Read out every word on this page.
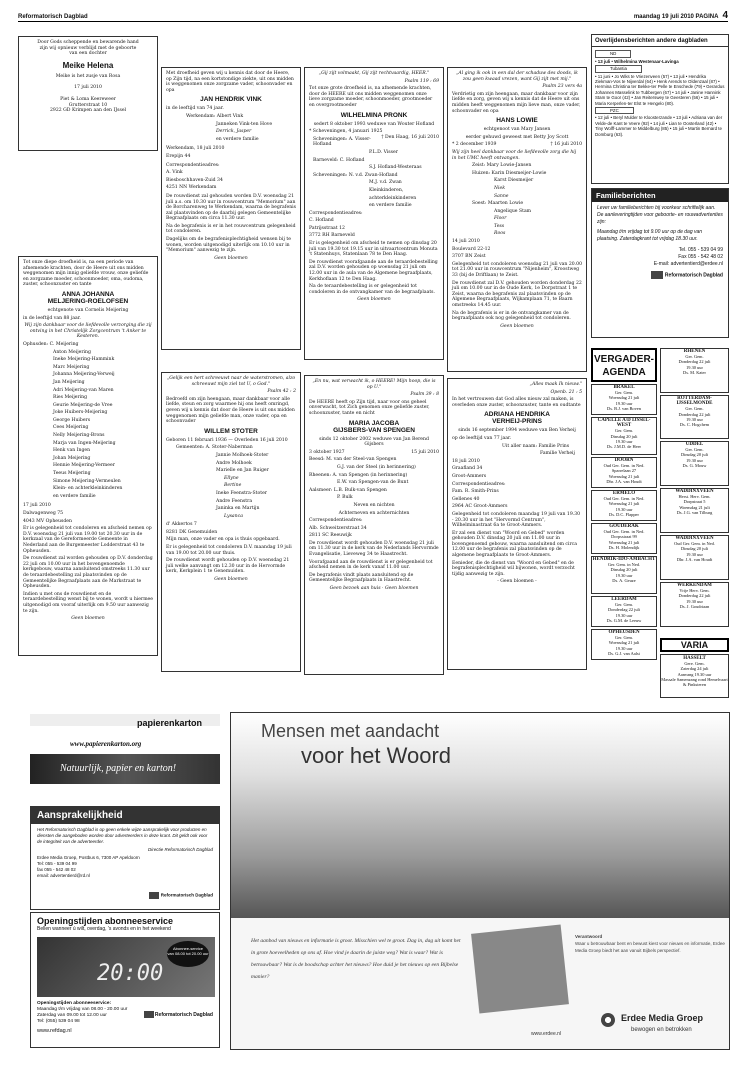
Reformatorisch Dagblad	maandag 19 juli 2010 PAGINA 4

Door Gods scheppende en bewarende hand

zijn wij opnieuw verblijd met de geboorte

van een dochter

Meike Helena

Meike is het zusje van Rosa

17 juli 2010

Piet & Loma Keereweer

Grutterstraat 10

2922 GD Krimpen aan den IJssel

Tot onze diepe droefheid is, na een periode van afnemende krachten, door de Heere uit ons midden weggenomen mijn innig geliefde vrouw, onze geliefde en zorgzame moeder, schoonmoeder, oma, oudoma, zuster, schoonzuster en tante

ANNA JOHANNA
MELJERING-ROELOFSEN

echtgenote van Cornelis Meijering

in de leeftijd van 88 jaar.

Wij zijn dankbaar voor de liefdevolle verzorging die zij ontving in het Christelijk Zorgcentrum 't Anker te Kesteren.

Ophusden: C. Meijering

Anton Meijering

Ineke Meijering-Hammink

Marc Meijering

Johanna Meijering-Verweij

Jan Meijering

Adri Meijering-van Maren

Ries Meijering

Geurie Meijering-de Vree

Joke Huibers-Meijering

George Huibers

Cees Meijering

Nelly Meijering-Brons

Marja van Ingen-Meijering

Henk van Ingen

Johan Meijering

Hennie Meijering-Vermeer

Teeus Meijering

Simone Meijering-Vermeulen

Klein- en achterkleinkinderen

en verdere familie

17 juli 2010

Dalwagenweg 75

4043 MV Opheusden

Er is gelegenheid tot condoleren en afscheid nemen op D.V. woensdag 21 juli van 19.00 tot 20.30 uur in de kerkzaal van de Gereformeerde Gemeente in Nederland aan de Burgemeester Lodderstraat 43 te Opheusden.

De rouwdienst zal worden gehouden op D.V. donderdag 22 juli om 10.00 uur in het bovengenoemde kerkgebouw, waarna aansluitend omstreeks 11.30 uur de teraardebestelling zal plaatsvinden op de Gemeentelijke Begraafplaats aan de Markstraat te Opheusden.

Indien u met ons de rouwdienst en de teraardebestelling wenst bij te wonen, wordt u hiermee uitgenodigd om vooraf uiterlijk om 9.50 uur aanwezig te zijn.

Geen bloemen

Met droefheid geven wij u kennis dat door de Heere, op Zijn tijd, na een kortstondige ziekte, uit ons midden is weggenomen onze zorgzame vader, schoonvader en opa

JAN HENDRIK VINK

in de leeftijd van 74 jaar.

Werkendam: Albert Vink

Janneken Vink-ten Hove

Derrick, Jasper

en verdere familie

Werkendam, 18 juli 2010

Erepijn 44

Correspondentieadres:

A. Vink

Biesboschhaven-Zuid 34

4251 NN Werkendam

De rouwdienst zal gehouden worden D.V. woensdag 21 juli a.s. om 10.30 uur in rouwcentrum "Memorium" aan de Borcharenweg te Werkendam, waarna de begrafenis zal plaatsvinden op de daarbij gelegen Gemeentelijke Begraafplaats om circa 11.30 uur.

Na de begrafenis is er in het rouwcentrum gelegenheid tot condoleren.

Dagelijks om de begrafenisplechtigheid wensen bij te wonen, worden uitgenodigd uiterlijk om 10.10 uur in "Memorium" aanwezig te zijn.

Geen bloemen

„Gelijk een hert schreeuwt naar de waterstromen, alzo schreeuwt mijn ziel tot U, o God."

Psalm 42 : 2

Bedroefd om zijn heengaan, maar dankbaar voor alle liefde, steun en zorg waarmee hij ons heeft omringd, geven wij u kennis dat door de Heere is uit ons midden weggenomen mijn geliefde man, onze vader, opa en schoonvader

WILLEM STOTER

Geboren 11 februari 1936 — Overleden 16 juli 2010

Gemeenten: A. Stoter-Naberman

Jannie Molhoek-Stoter

Andre Molhoek

Marielle en Jan Ruiger

Ellyne

Bertine

Ineke Feenstra-Stoter

Andre Feenstra

Janinka en Martijn

Lysanca

d' Akkertos 7

8281 DK Genemuiden

Mijn man, onze vader en opa is thuis opgebaard.

Er is gelegenheid tot condoleren D.V. maandag 19 juli van 19.00 tot 20.00 uur thuis.

De rouwdienst wordt gehouden op D.V. woensdag 21 juli welke aanvangt om 12.30 uur in de Hervormde kerk, Kerkplein 1 te Genemuiden.

Geen bloemen

„Gij zijt volmaakt, Gij zijt rechtvaardig, HEER."

Psalm 119 : 69

Tot onze grote droefheid is, na afnemende krachten, door de HEERE uit ons midden weggenomen onze lieve zorgzame moeder, schoonmoeder, grootmoeder en overgrootmoeder

WILHELMINA PRONK

sedert 8 oktober 1993 weduwe van Wouter Hofland

* Scheveningen, 4 januari 1925
† Den Haag, 16 juli 2010

Scheveningen: A. Visser-Hofland

P.L.D. Visser

Barneveld: C. Hofland

S.J. Hofland-Westeraas

Scheveningen: N. v.d. Zwan-Hofland

M.J. v.d. Zwan

Kleinkinderen,

achterkleinkinderen

en verdere familie

Correspondentieadres:

C. Hofland

Patrijsstraat 12

3772 RH Barneveld

Er is gelegenheid om afscheid te nemen op dinsdag 20 juli van 19.30 tot 19.15 uur in uitvaartcentrum Monuta 't Statenhuys, Statenlaan 78 te Den Haag.

De rouwdienst voorafgaande aan de teraardebestelling zal D.V. worden gehouden op woensdag 21 juli om 12.00 uur in de aula van de Algemene begraafplaats, Kerkhoflaan 12 te Den Haag.

Na de teraardebestelling is er gelegenheid tot condoleren in de ontvangkamer van de begraafplaats.

Geen bloemen

„En nu, wat verwacht ik, o HEERE! Mijn hoop, die is op U."

Psalm 39 : 8

De HEERE heeft op Zijn tijd, naar voor ons geheel onverwacht, tot Zich genomen onze geliefde zuster, schoonzuster, tante en nicht

MARIA JACOBA
GIJSBERS-VAN SPENGEN

sinds 12 oktober 2002 weduwe van Jan Berend Gijsbers

3 oktober 1927	15 juli 2010

Beesd: M. van der Steel-van Spengen

G.J. van der Steel (in herinnering)

Rheenen: A. van Spengen (in herinnering)

E.W. van Spengen-van de Bunt

Aalsmeer: L.B. Bulk-van Spengen

P. Bulk

Neven en nichten

Achterneven en achternichten

Correspondentieadres:

Alb. Schweitzerstraat 34

2811 SC Reeuwijk

De rouwdienst wordt gehouden D.V. woensdag 21 juli om 11.30 uur in de kerk van de Nederlands Hervormde Evangelisatie, Lieveweg 34 te Haastrecht.

Voorafgaand aan de rouwdienst is er gelegenheid tot afscheid nemen in de kerk vanaf 11.00 uur.

De begrafenis vindt plaats aansluitend op de Gemeentelijke Begraafplaats in Haastrecht.

Geen bezoek aan huis · Geen bloemen

„Al ging ik ook in een dal der schaduw des doods, ik zou geen kwaad vrezen, want Gij zijt met mij."

Psalm 23 vers 4a

Verdrietig om zijn heengaan, maar dankbaar voor zijn liefde en zorg, geven wij u kennis dat de Heere uit ons midden heeft weggenomen mijn lieve man, onze vader, schoonvader en opa

HANS LOWIE

echtgenoot van Mary Jansen

eerder gehuwd geweest met Betty Joy Scott

* 2 december 1939	† 16 juli 2010

Wij zijn heel dankbaar voor de liefdevolle zorg die hij in het UMC heeft ontvangen.

Zeist: Mary Lowie-Jansen

Huizen: Karin Diesmeijer-Lowie

Karst Diesmeijer

Niek

Sanne

Soest: Maarten Lowie

Angelique Stam

Floor

Tess

Roos

14 juli 2010

Boulevard 22-12

3707 BN Zeist

Gelegenheid tot condoleren woensdag 21 juli van 20.00 tot 21.00 uur in rouwcentrum "Nijenheim", Kroostweg 33 (bij de Driftlaan) te Zeist.

De rouwdienst zal D.V. gehouden worden donderdag 22 juli om 10.00 uur in de Oude Kerk, 1e Dorpstraat 1 te Zeist, waarna de begrafenis zal plaatsvinden op de Algemene Begraafplaats, Wijkamplaan 71, te Baarn omstreeks 14.45 uur.

Na de begrafenis is er in de ontvangkamer van de begraafplaats ook nog gelegenheid tot condoleren.

Geen bloemen

„Alles maak Ik nieuw."

Openb. 21 : 5

In het vertrouwen dat God alles nieuw zal maken, is overleden onze zuster, schoonzuster, tante en oudtante

ADRIANA HENDRIKA
VERHEIJ-PRINS

sinds 16 september 1994 weduwe van Ben Verheij

op de leeftijd van 77 jaar.

Uit aller naam: Familie Prins

Familie Verheij

18 juli 2010

Graafland 34

Groot-Ammers

Correspondentieadres:

Fam. R. Smith-Prins

Gellenes 40

2964 AC Groot-Ammers

Gelegenheid tot condoleren maandag 19 juli van 19.30 - 20.30 uur in het "Hervormd Centrum", Wilhelminastraat 6a te Groot-Ammers.

Er zal een dienst van "Woord en Gebed" worden gehouden D.V. dinsdag 20 juli om 11.00 uur in bovengenoemd gebouw, waarna aansluitend om circa 12.00 uur de begrafenis zal plaatsvinden op de algemene begraafplaats te Groot-Ammers.

Eenieder, die de dienst van "Woord en Gebed" en de begrafenisplechtigheid wil bijwonen, wordt verzocht tijdig aanwezig te zijn.

- Geen bloemen -

Overlijdensberichten andere dagbladen
ND

• 13 juli • Wilhelmina Westenaar-Lavinga

Tubantia

• 11 juni • Jo Wiks te Vriezenveen (57) • 13 juli • Hendrika Ziekman-Vos te Nijverdal (64) • Henk Arends te Oldenzaal (87) • Hermina Christina ter Bekke-ter Pelle te Enschede (79) • Gerardus Johannes Masselink te Tubbergen (67) • 14 juli • Janine Hannink Stam te Goor (42) • Jan Reiterswey te Geesteren (56) • 15 juli • Maria Kerperlen-ter Elst te Hengelo (80).

PZC

• 12 juli • Beryl Mulder te Kloosterzande • 13 juli • Adriana van der Velde-de Kant te Veere (92) • 14 juli • Lian te Oosterland (42) • Tiny Wolff-Lammer te Middelburg (85) • 15 juli • Martin Bernard te Domburg (63).

Familieberichten

Lever uw familieberichten bij voorkeur schriftelijk aan. De aanleveringtijden voor geboorte- en rouwadvertenties zijn:

Maandag t/m vrijdag tot 9.00 uur op de dag van plaatsing. Zaterdagkrant tot vrijdag 18.30 uur.

Tel. 055 - 539 04 99

Fax 055 - 542 48 02

E-mail: advertentierd@erdee.nl

Reformatorisch Dagblad

VERGADER-AGENDA
BRAKEL
Ger. Gem.
Woensdag 21 juli
19.30 uur
Ds. B.J. van Boven
CAPELLE A/D IJSSEL-WEST
Ger. Gem.
Dinsdag 20 juli
19.30 uur
Ds. J.M.D. de Heer
DOORN
Oud Ger. Gem. in Ned.
Sparrelaan 27
Woensdag 21 juli
Dhr. J.A. van Houdt
ERMELO
Oud Ger. Gem. in Ned.
Woensdag 21 juli
19.30 uur
Ds. D.C. Flapper
GOUDERAK
Oud Ger. Gem. in Ned.
Dorpsstraat 99
Woensdag 21 juli
Ds. H. Molendijk
HENDRIK-IDO-AMBACHT
Ger. Gem. in Ned.
Dinsdag 20 juli
19.30 uur
Ds. A. Geuze
LEERDAM
Ger. Gem.
Donderdag 22 juli
19.30 uur
Ds. G.M. de Leeuw
OPHEUSDEN
Ger. Gem.
Woensdag 21 juli
19.30 uur
Ds. G.J. van Aalst
RHENEN
Ger. Gem.
Donderdag 22 juli
19.30 uur
Ds. M. Kater
ROTTERDAM-IJSSELMONDE
Ger. Gem.
Donderdag 22 juli
19.30 uur
Ds. C. Hogchem
UDDEL
Ger. Gem.
Dinsdag 20 juli
19.30 uur
Ds. G. Mouw
WADDINXVEEN
Herst. Herv. Gem.
Dorpstraat 5
Woensdag 21 juli
Ds. J.G. van Tilburg
WADDINXVEEN
Oud Ger. Gem. in Ned.
Dinsdag 20 juli
19.30 uur
Dhr. J.A. van Houdt
WERKENDAM
Vrije Herv. Gem.
Donderdag 22 juli
19.30 uur
Ds. J. Goudriaan
VARIA
HASSELT
Gere. Gem.
Zaterdag 24 juli
Aanvang 19.30 uur
Massale Samenzang rond Hemelvaart & Pinksteren
papierenkarton
www.papierenkarton.org
Natuurlijk, papier en karton!
Aansprakelijkheid

Het Reformatorisch Dagblad is op geen enkele wijze aansprakelijk voor producten en diensten die aangeboden worden door adverteerders in deze krant. Dit geldt ook voor de integriteit van de adverteerder.

Directie Reformatorisch Dagblad

Erdee Media Groep, Postbus 6, 7300 AP Apeldoorn

Tel: 055 - 539 04 99

fax 055 - 542 48 02

email: advertentierd@rd.nl

Reformatorisch Dagblad

Openingstijden abonneeservice
Bellen wanneer ú wilt, overdag, 's avonds en in het weekend
Abonnee-service
van 08.00 tot 20.00 uur
20:00

Openingstijden abonneeservice:

Maandag t/m vrijdag van 08.00 - 20.00 uur

Zaterdag van 09.00 tot 12.00 uur

Tel: (055) 539 04 98

www.refdag.nl

Reformatorisch Dagblad
Mensen met aandacht
voor het Woord
Het aanbod van nieuws en informatie is groot. Misschien wel te groot. Dag in, dag uit komt het in grote hoeveelheden op ons af. Hoe vind je daarin de juiste weg? Wat is waar? Wat is betrouwbaar? Wat is de boodschap achter het nieuws? Hoe duid je het nieuws op een Bijbelse manier?

Verantwoord

Waar u betrouwbaar bent en bewust kiest voor nieuws en informatie, Erdee Media Groep biedt het aan vanuit Bijbels perspectief.

www.erdee.nl
Erdee Media Groep
bewogen en betrokken
